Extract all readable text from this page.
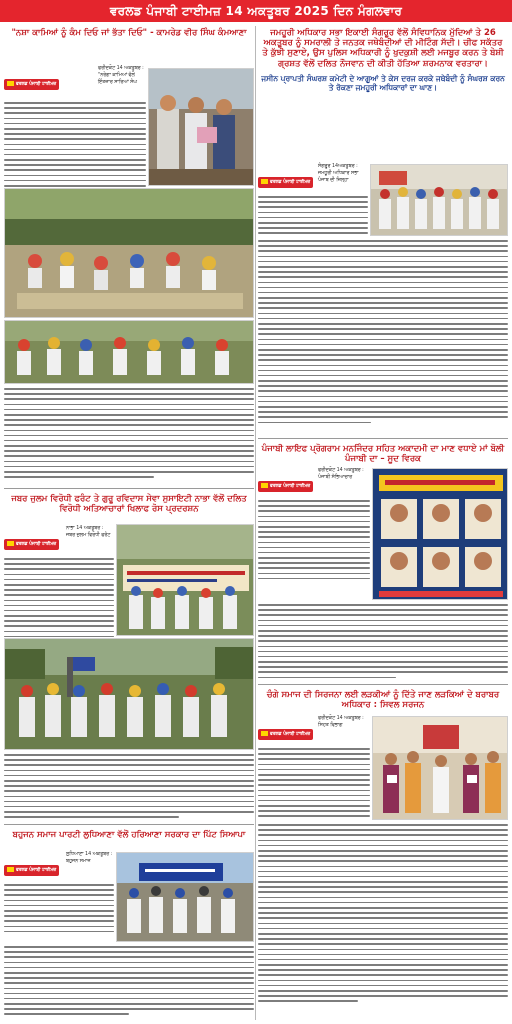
ਵਰਲਡ ਪੰਜਾਬੀ ਟਾਈਮਜ਼ 14 ਅਕਤੂਬਰ 2025 ਦਿਨ ਮੰਗਲਵਾਰ
"ਨਸ਼ਾ ਕਾਮਿਆਂ ਨੂੰ ਕੰਮ ਦਿਓ ਜਾਂ ਭੱਤਾ ਦਿਓ" - ਕਾਮਰੇਡ ਵੀਰ ਸਿੰਘ ਕੰਮਆਣਾ
ਵਰਲਡ ਪੰਜਾਬੀ ਟਾਈਮਜ਼
ਫਰੀਦਕੋਟ 14 ਅਕਤੂਬਰ : "ਨਰੇਗਾ ਕਾਮਿਆਂ ਵੱਲੋਂ ਇੰਤਜ਼ਾਰ ਸਾਰਿਆਂ ਸੰਘ
ਜਬਰ ਜੁਲਮ ਵਿਰੋਧੀ ਫਰੰਟ ਤੇ ਗੁਰੂ ਰਵਿਦਾਸ ਸੇਵਾ ਸੁਸਾਇਟੀ ਨਾਭਾ ਵੱਲੋਂ ਦਲਿਤ ਵਿਰੋਧੀ ਅਤਿਆਚਾਰਾਂ ਖਿਲਾਫ ਰੋਸ ਪ੍ਰਦਰਸ਼ਨ
ਵਰਲਡ ਪੰਜਾਬੀ ਟਾਈਮਜ਼
ਨਾਭਾ 14 ਅਕਤੂਬਰ : ਜਬਰ ਜੁਲਮ ਵਿਰੋਧੀ ਫਰੰਟ
ਬਹੁਜਨ ਸਮਾਜ ਪਾਰਟੀ ਲੁਧਿਆਣਾ ਵੱਲੋਂ ਹਰਿਆਣਾ ਸਰਕਾਰ ਦਾ ਪਿੱਟ ਸਿਆਪਾ
ਵਰਲਡ ਪੰਜਾਬੀ ਟਾਈਮਜ਼
ਲੁਧਿਆਣਾ 14 ਅਕਤੂਬਰ : ਬਹੁਜਨ ਸਮਾਜ
ਜਮਹੂਰੀ ਅਧਿਕਾਰ ਸਭਾ ਇਕਾਈ ਸੰਗਰੂਰ ਵੱਲੋਂ ਸੰਵਿਧਾਨਿਕ ਮੁੱਦਿਆਂ ਤੇ 26 ਅਕਤੂਬਰ ਨੂੰ ਸਮਰਾਲੀ ਤੇ ਜਨਤਕ ਜਥੇਬੰਦੀਆਂ ਦੀ ਮੀਟਿੰਗ ਸੱਦੀ। ਚੀਫ ਸਕੱਤਰ ਤੇ ਕੁੱਝੀ ਸੁਣਾਏ, ਉਸ ਪੁਲਿਸ ਅਧਿਕਾਰੀ ਨੂੰ ਖੁਦਕੁਸ਼ੀ ਲਈ ਮਜਬੂਰ ਕਰਨ ਤੇ ਬੇਸ਼ੀ ਗ੍ਰਸ਼ਤ ਵੱਲੋਂ ਦਲਿਤ ਨੌਜਵਾਨ ਦੀ ਕੀਤੀ ਹੱਤਿਆ ਸ਼ਰਮਨਾਕ ਵਰਤਾਰਾ।
ਜਸੀਨ ਪ੍ਰਾਪਤੀ ਸੰਘਰਸ਼ ਕਮੇਟੀ ਦੇ ਆਗੂਆਂ ਤੇ ਕੇਸ ਦਰਜ ਕਰਕੇ ਜਥੇਬੰਦੀ ਨੂੰ ਸੰਘਰਸ਼ ਕਰਨ ਤੇ ਰੋਕਣਾ ਜਮਹੂਰੀ ਅਧਿਕਾਰਾਂ ਦਾ ਘਾਣ।
ਵਰਲਡ ਪੰਜਾਬੀ ਟਾਈਮਜ਼
ਸੰਗਰੂਰ 14ਅਕਤੂਬਰ : ਜਮਹੂਰੀ ਅਧਿਕਾਰ ਸਭਾ ਪੰਜਾਬ ਦੀ ਜ਼ਿਲ੍ਹਾ
ਪੰਜਾਬੀ ਲਾਇਫ ਪ੍ਰੋਗਰਾਮ ਮਨਜਿੰਦਰ ਸਹਿਤ ਅਕਾਦਮੀ ਦਾ ਮਾਣ ਵਧਾਏ ਮਾਂ ਬੋਲੀ ਪੰਜਾਬੀ ਦਾ – ਸੂਦ ਵਿਰਕ
ਵਰਲਡ ਪੰਜਾਬੀ ਟਾਈਮਜ਼
ਫਰੀਦਕੋਟ 14 ਅਕਤੂਬਰ : ਪੰਜਾਬੀ ਸੱਭਿਆਚਾਰ
ਚੰਗੇ ਸਮਾਜ ਦੀ ਸਿਰਜਨਾ ਲਈ ਲੜਕੀਆਂ ਨੂੰ ਦਿੱਤੇ ਜਾਣ ਲੜਕਿਆਂ ਦੇ ਬਰਾਬਰ ਅਧਿਕਾਰ : ਸਿਵਲ ਸਰਜਨ
ਵਰਲਡ ਪੰਜਾਬੀ ਟਾਈਮਜ਼
ਫਰੀਦਕੋਟ 14 ਅਕਤੂਬਰ : ਸਿਹਤ ਵਿਭਾਗ
